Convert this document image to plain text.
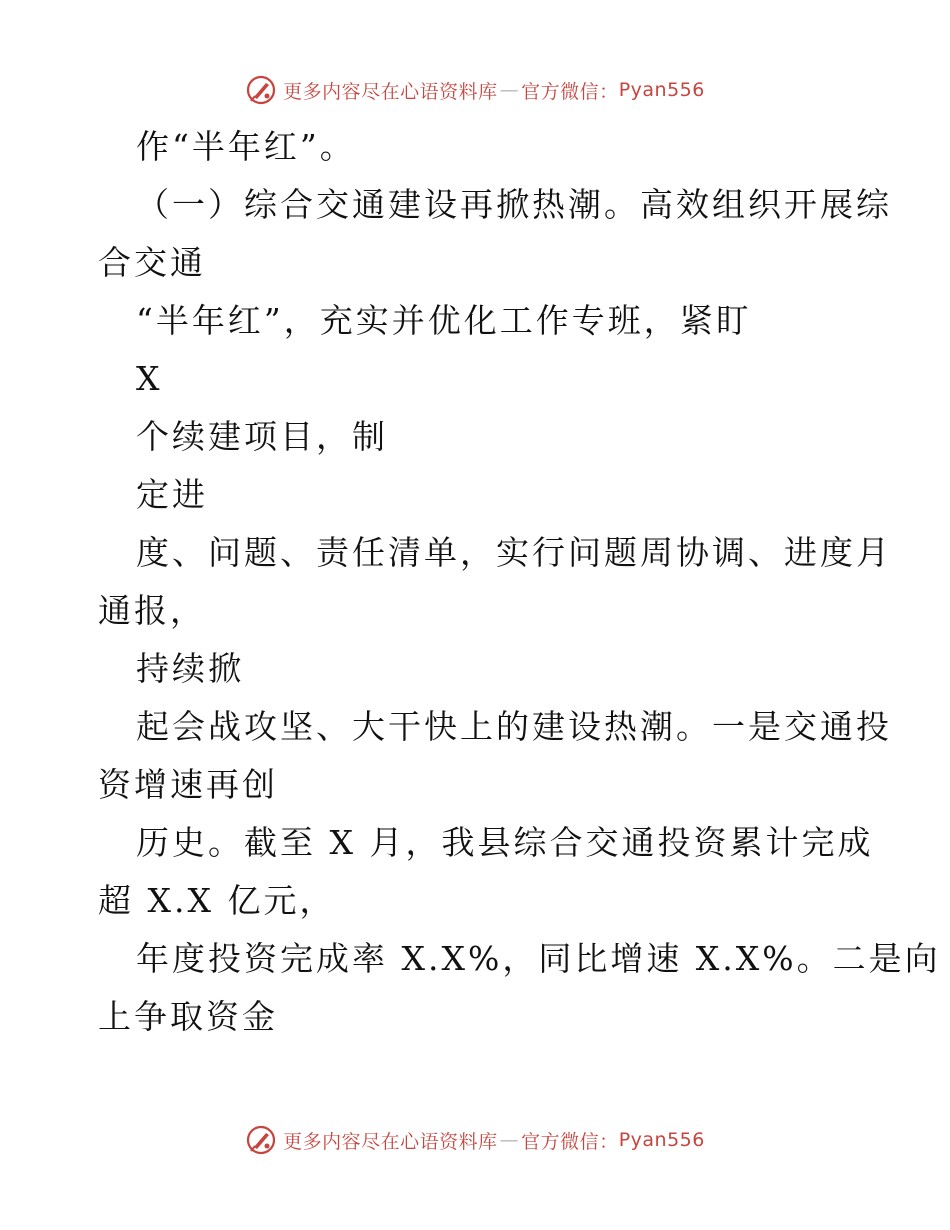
更多内容尽在心语资料库 — 官方微信： Pyan556
作“半年红”。
（一）综合交通建设再掀热潮。高效组织开展综
合交通
“半年红”，充实并优化工作专班，紧盯
X
个续建项目，制
定进
度、问题、责任清单，实行问题周协调、进度月
通报，
持续掀
起会战攻坚、大干快上的建设热潮。一是交通投
资增速再创
历史。截至 X 月，我县综合交通投资累计完成
超 X.X 亿元，
年度投资完成率 X.X%，同比增速 X.X%。二是向
上争取资金
更多内容尽在心语资料库 — 官方微信： Pyan556
